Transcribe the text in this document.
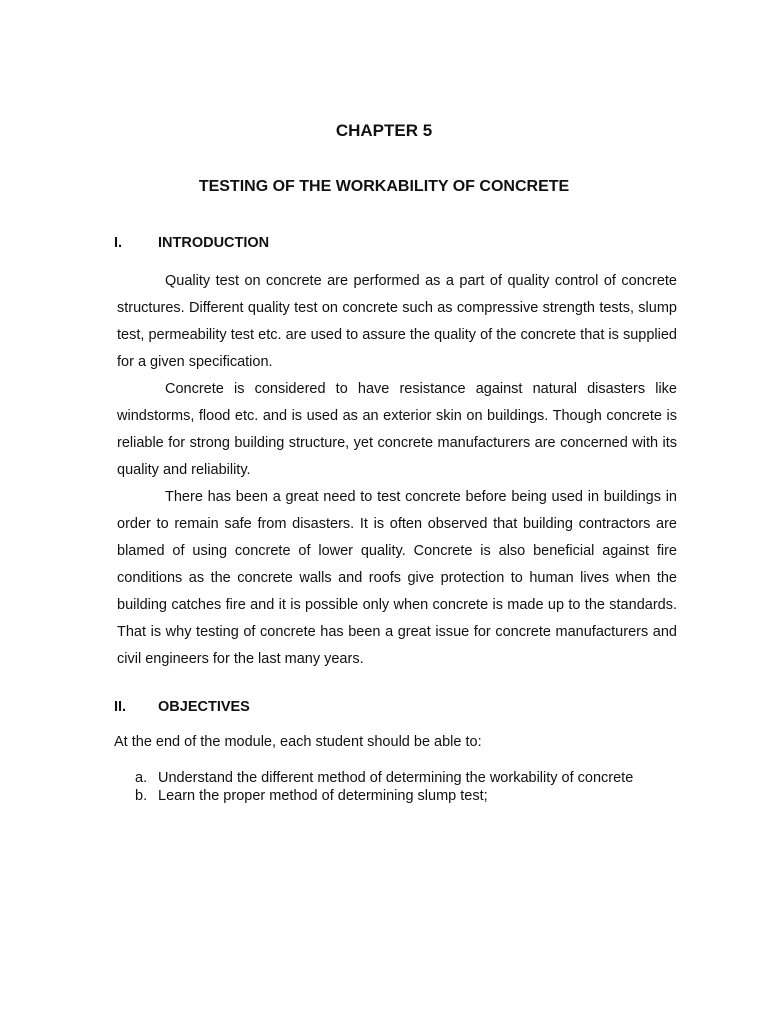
CHAPTER 5
TESTING OF THE WORKABILITY OF CONCRETE
I. INTRODUCTION

Quality test on concrete are performed as a part of quality control of concrete structures. Different quality test on concrete such as compressive strength tests, slump test, permeability test etc. are used to assure the quality of the concrete that is supplied for a given specification.

Concrete is considered to have resistance against natural disasters like windstorms, flood etc. and is used as an exterior skin on buildings. Though concrete is reliable for strong building structure, yet concrete manufacturers are concerned with its quality and reliability.

There has been a great need to test concrete before being used in buildings in order to remain safe from disasters. It is often observed that building contractors are blamed of using concrete of lower quality. Concrete is also beneficial against fire conditions as the concrete walls and roofs give protection to human lives when the building catches fire and it is possible only when concrete is made up to the standards. That is why testing of concrete has been a great issue for concrete manufacturers and civil engineers for the last many years.

II. OBJECTIVES
At the end of the module, each student should be able to:
a. Understand the different method of determining the workability of concrete
b. Learn the proper method of determining slump test;
